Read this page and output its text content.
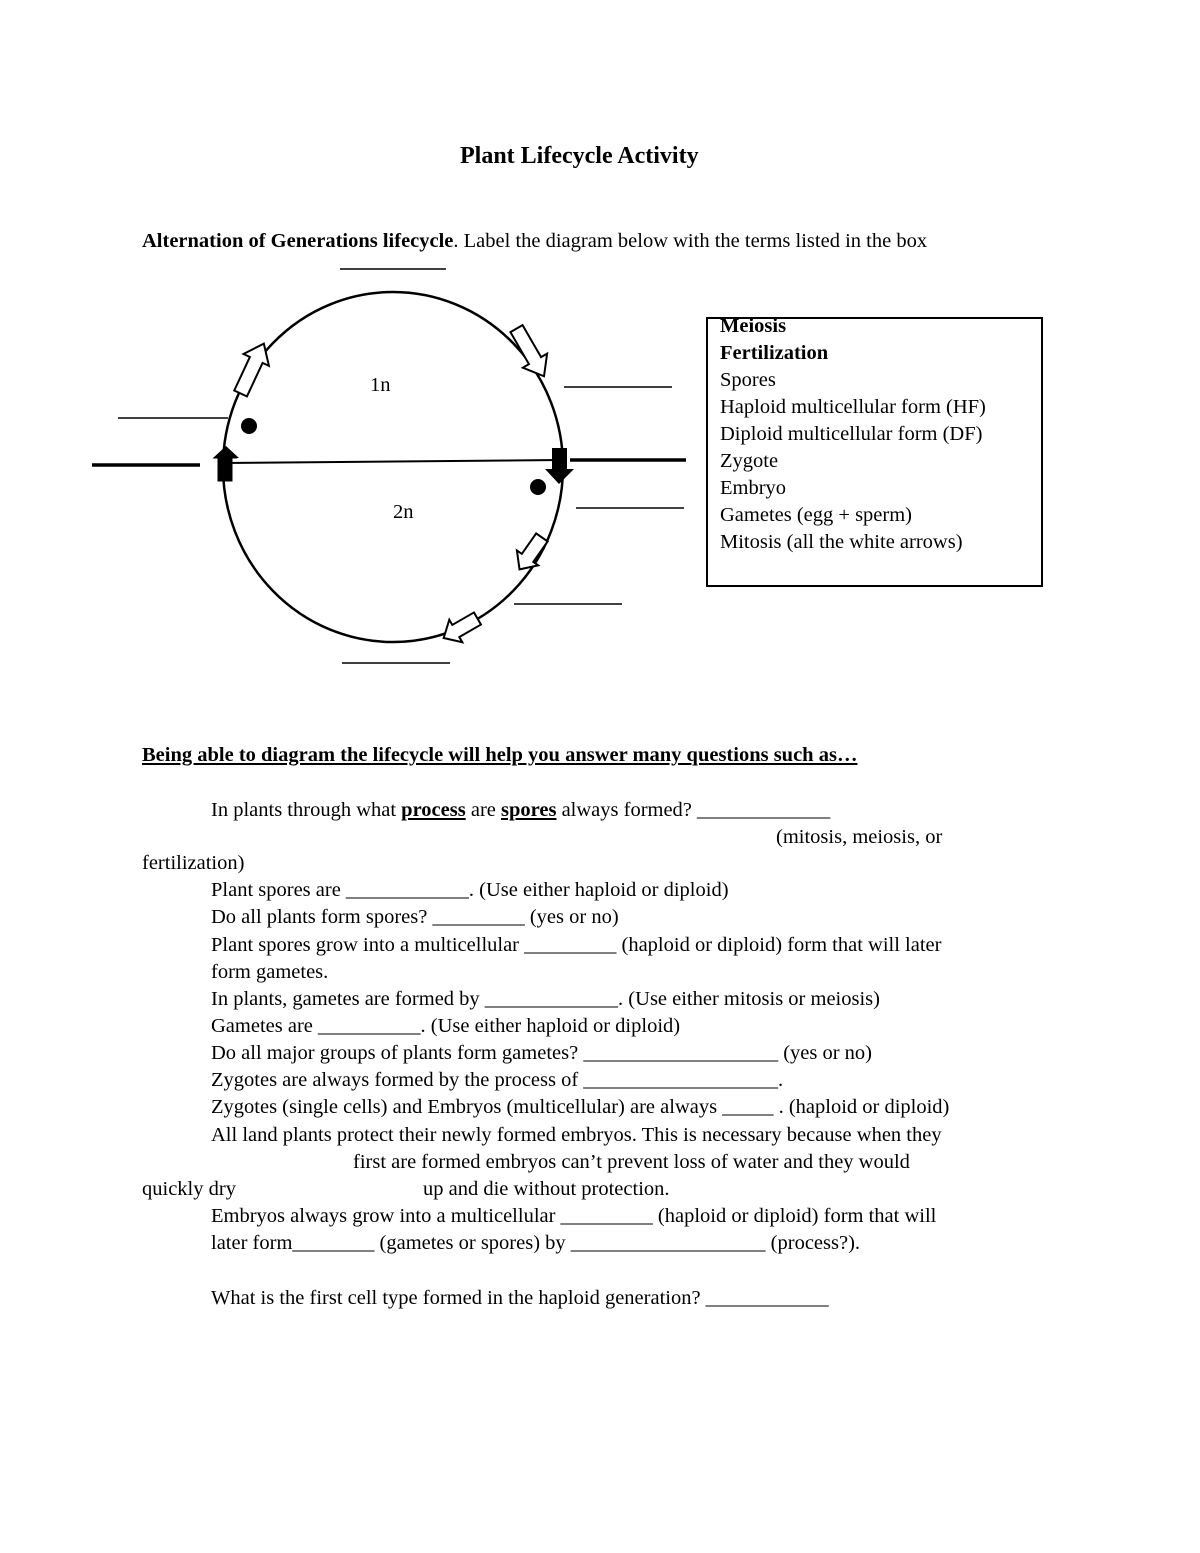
Plant Lifecycle Activity
Alternation of Generations lifecycle. Label the diagram below with the terms listed in the box
1n
2n
Meiosis
Fertilization
Spores
Haploid multicellular form (HF)
Diploid multicellular form (DF)
Zygote
Embryo
Gametes (egg + sperm)
Mitosis (all the white arrows)
Being able to diagram the lifecycle will help you answer many questions such as…
In plants through what process are spores always formed? _____________
(mitosis, meiosis, or
fertilization)
Plant spores are ____________. (Use either haploid or diploid)
Do all plants form spores? _________ (yes or no)
Plant spores grow into a multicellular _________ (haploid or diploid) form that will later
form gametes.
In plants, gametes are formed by _____________. (Use either mitosis or meiosis)
Gametes are __________. (Use either haploid or diploid)
Do all major groups of plants form gametes? ___________________ (yes or no)
Zygotes are always formed by the process of ___________________.
Zygotes (single cells) and Embryos (multicellular) are always _____ . (haploid or diploid)
All land plants protect their newly formed embryos. This is necessary because when they
first are formed embryos can’t prevent loss of water and they would
quickly dry	up and die without protection.
Embryos always grow into a multicellular _________ (haploid or diploid) form that will
later form________ (gametes or spores) by ___________________ (process?).
What is the first cell type formed in the haploid generation? ____________
